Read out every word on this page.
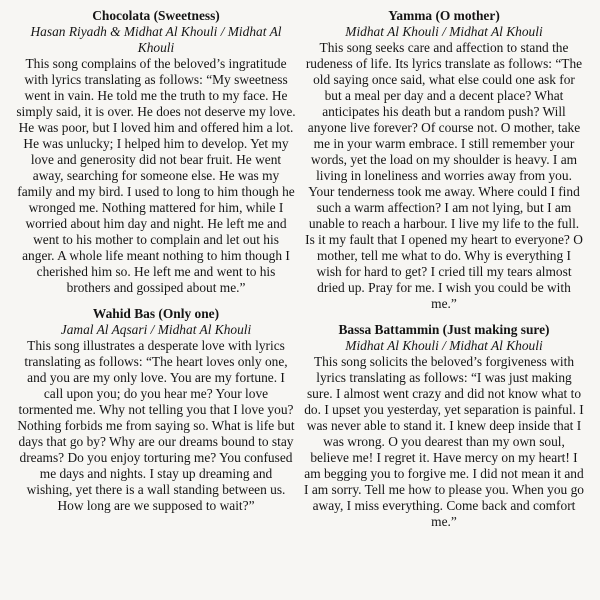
Chocolata (Sweetness)

Hasan Riyadh & Midhat Al Khouli / Midhat Al Khouli

This song complains of the beloved’s ingratitude with lyrics translating as follows: “My sweetness went in vain. He told me the truth to my face. He simply said, it is over. He does not deserve my love. He was poor, but I loved him and offered him a lot. He was unlucky; I helped him to develop. Yet my love and generosity did not bear fruit. He went away, searching for someone else. He was my family and my bird. I used to long to him though he wronged me. Nothing mattered for him, while I worried about him day and night. He left me and went to his mother to complain and let out his anger. A whole life meant nothing to him though I cherished him so. He left me and went to his brothers and gossiped about me.”

Wahid Bas (Only one)

Jamal Al Aqsari / Midhat Al Khouli

This song illustrates a desperate love with lyrics translating as follows: “The heart loves only one, and you are my only love. You are my fortune. I call upon you; do you hear me? Your love tormented me. Why not telling you that I love you? Nothing forbids me from saying so. What is life but days that go by? Why are our dreams bound to stay dreams? Do you enjoy torturing me? You confused me days and nights. I stay up dreaming and wishing, yet there is a wall standing between us. How long are we supposed to wait?”

Yamma (O mother)

Midhat Al Khouli / Midhat Al Khouli

This song seeks care and affection to stand the rudeness of life. Its lyrics translate as follows: “The old saying once said, what else could one ask for but a meal per day and a decent place? What anticipates his death but a random push? Will anyone live forever? Of course not. O mother, take me in your warm embrace. I still remember your words, yet the load on my shoulder is heavy. I am living in loneliness and worries away from you. Your tenderness took me away. Where could I find such a warm affection? I am not lying, but I am unable to reach a harbour. I live my life to the full. Is it my fault that I opened my heart to everyone? O mother, tell me what to do. Why is everything I wish for hard to get? I cried till my tears almost dried up. Pray for me. I wish you could be with me.”

Bassa Battammin (Just making sure)

Midhat Al Khouli / Midhat Al Khouli

This song solicits the beloved’s forgiveness with lyrics translating as follows: “I was just making sure. I almost went crazy and did not know what to do. I upset you yesterday, yet separation is painful. I was never able to stand it. I knew deep inside that I was wrong. O you dearest than my own soul, believe me! I regret it. Have mercy on my heart! I am begging you to forgive me. I did not mean it and I am sorry. Tell me how to please you. When you go away, I miss everything. Come back and comfort me.”
